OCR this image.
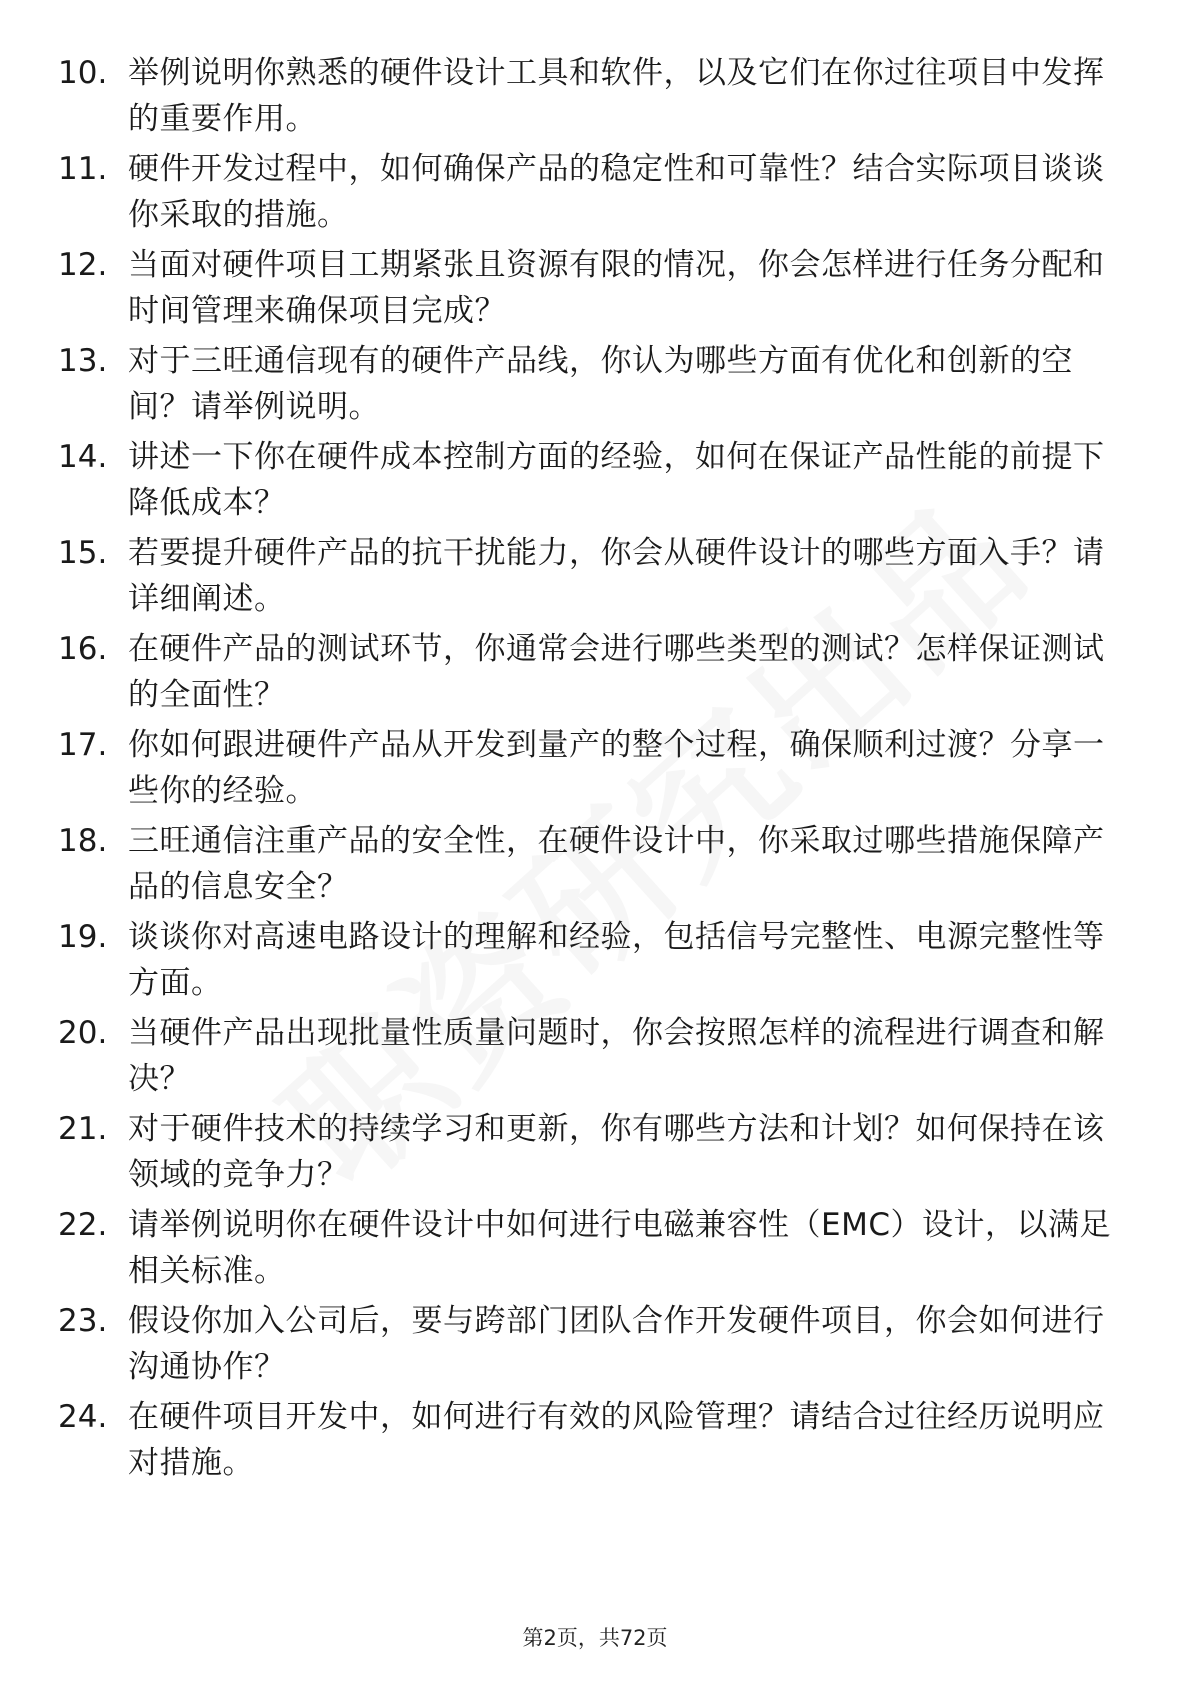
10. 举例说明你熟悉的硬件设计工具和软件，以及它们在你过往项目中发挥的重要作用。
11. 硬件开发过程中，如何确保产品的稳定性和可靠性？结合实际项目谈谈你采取的措施。
12. 当面对硬件项目工期紧张且资源有限的情况，你会怎样进行任务分配和时间管理来确保项目完成？
13. 对于三旺通信现有的硬件产品线，你认为哪些方面有优化和创新的空间？请举例说明。
14. 讲述一下你在硬件成本控制方面的经验，如何在保证产品性能的前提下降低成本？
15. 若要提升硬件产品的抗干扰能力，你会从硬件设计的哪些方面入手？请详细阐述。
16. 在硬件产品的测试环节，你通常会进行哪些类型的测试？怎样保证测试的全面性？
17. 你如何跟进硬件产品从开发到量产的整个过程，确保顺利过渡？分享一些你的经验。
18. 三旺通信注重产品的安全性，在硬件设计中，你采取过哪些措施保障产品的信息安全？
19. 谈谈你对高速电路设计的理解和经验，包括信号完整性、电源完整性等方面。
20. 当硬件产品出现批量性质量问题时，你会按照怎样的流程进行调查和解决？
21. 对于硬件技术的持续学习和更新，你有哪些方法和计划？如何保持在该领域的竞争力？
22. 请举例说明你在硬件设计中如何进行电磁兼容性（EMC）设计，以满足相关标准。
23. 假设你加入公司后，要与跨部门团队合作开发硬件项目，你会如何进行沟通协作？
24. 在硬件项目开发中，如何进行有效的风险管理？请结合过往经历说明应对措施。
第2页，共72页
